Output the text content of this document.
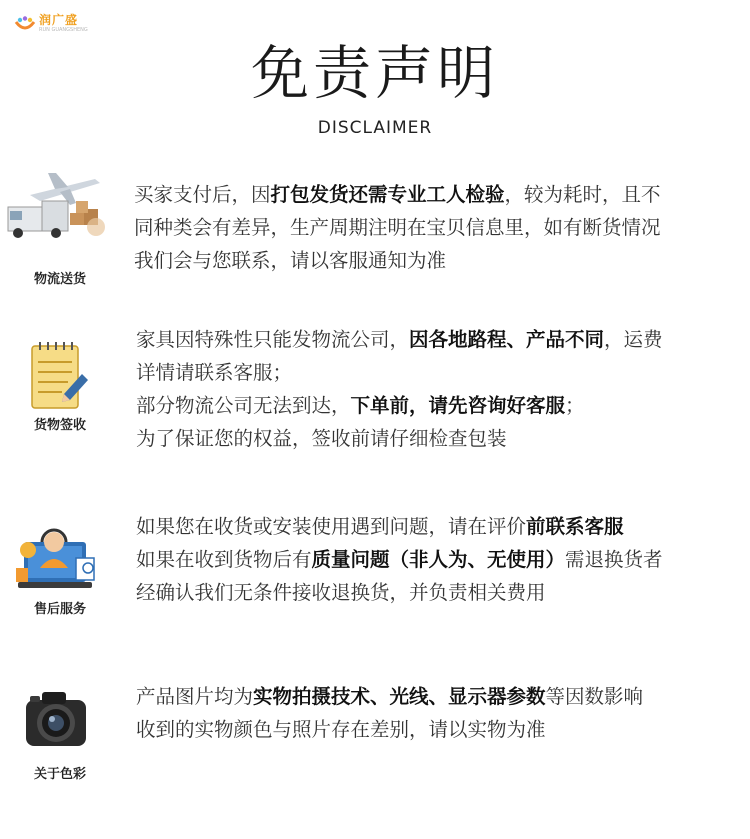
润广盛
RUN GUANGSHENG
免责声明
DISCLAIMER
物流送货
买家支付后，因打包发货还需专业工人检验，较为耗时，且不
同种类会有差异，生产周期注明在宝贝信息里，如有断货情况
我们会与您联系，请以客服通知为准
货物签收
家具因特殊性只能发物流公司，因各地路程、产品不同，运费
详情请联系客服；
部分物流公司无法到达，下单前，请先咨询好客服；
为了保证您的权益，签收前请仔细检查包装
售后服务
如果您在收货或安装使用遇到问题，请在评价前联系客服
如果在收到货物后有质量问题（非人为、无使用）需退换货者
经确认我们无条件接收退换货，并负责相关费用
关于色彩
产品图片均为实物拍摄技术、光线、显示器参数等因数影响
收到的实物颜色与照片存在差别，请以实物为准
